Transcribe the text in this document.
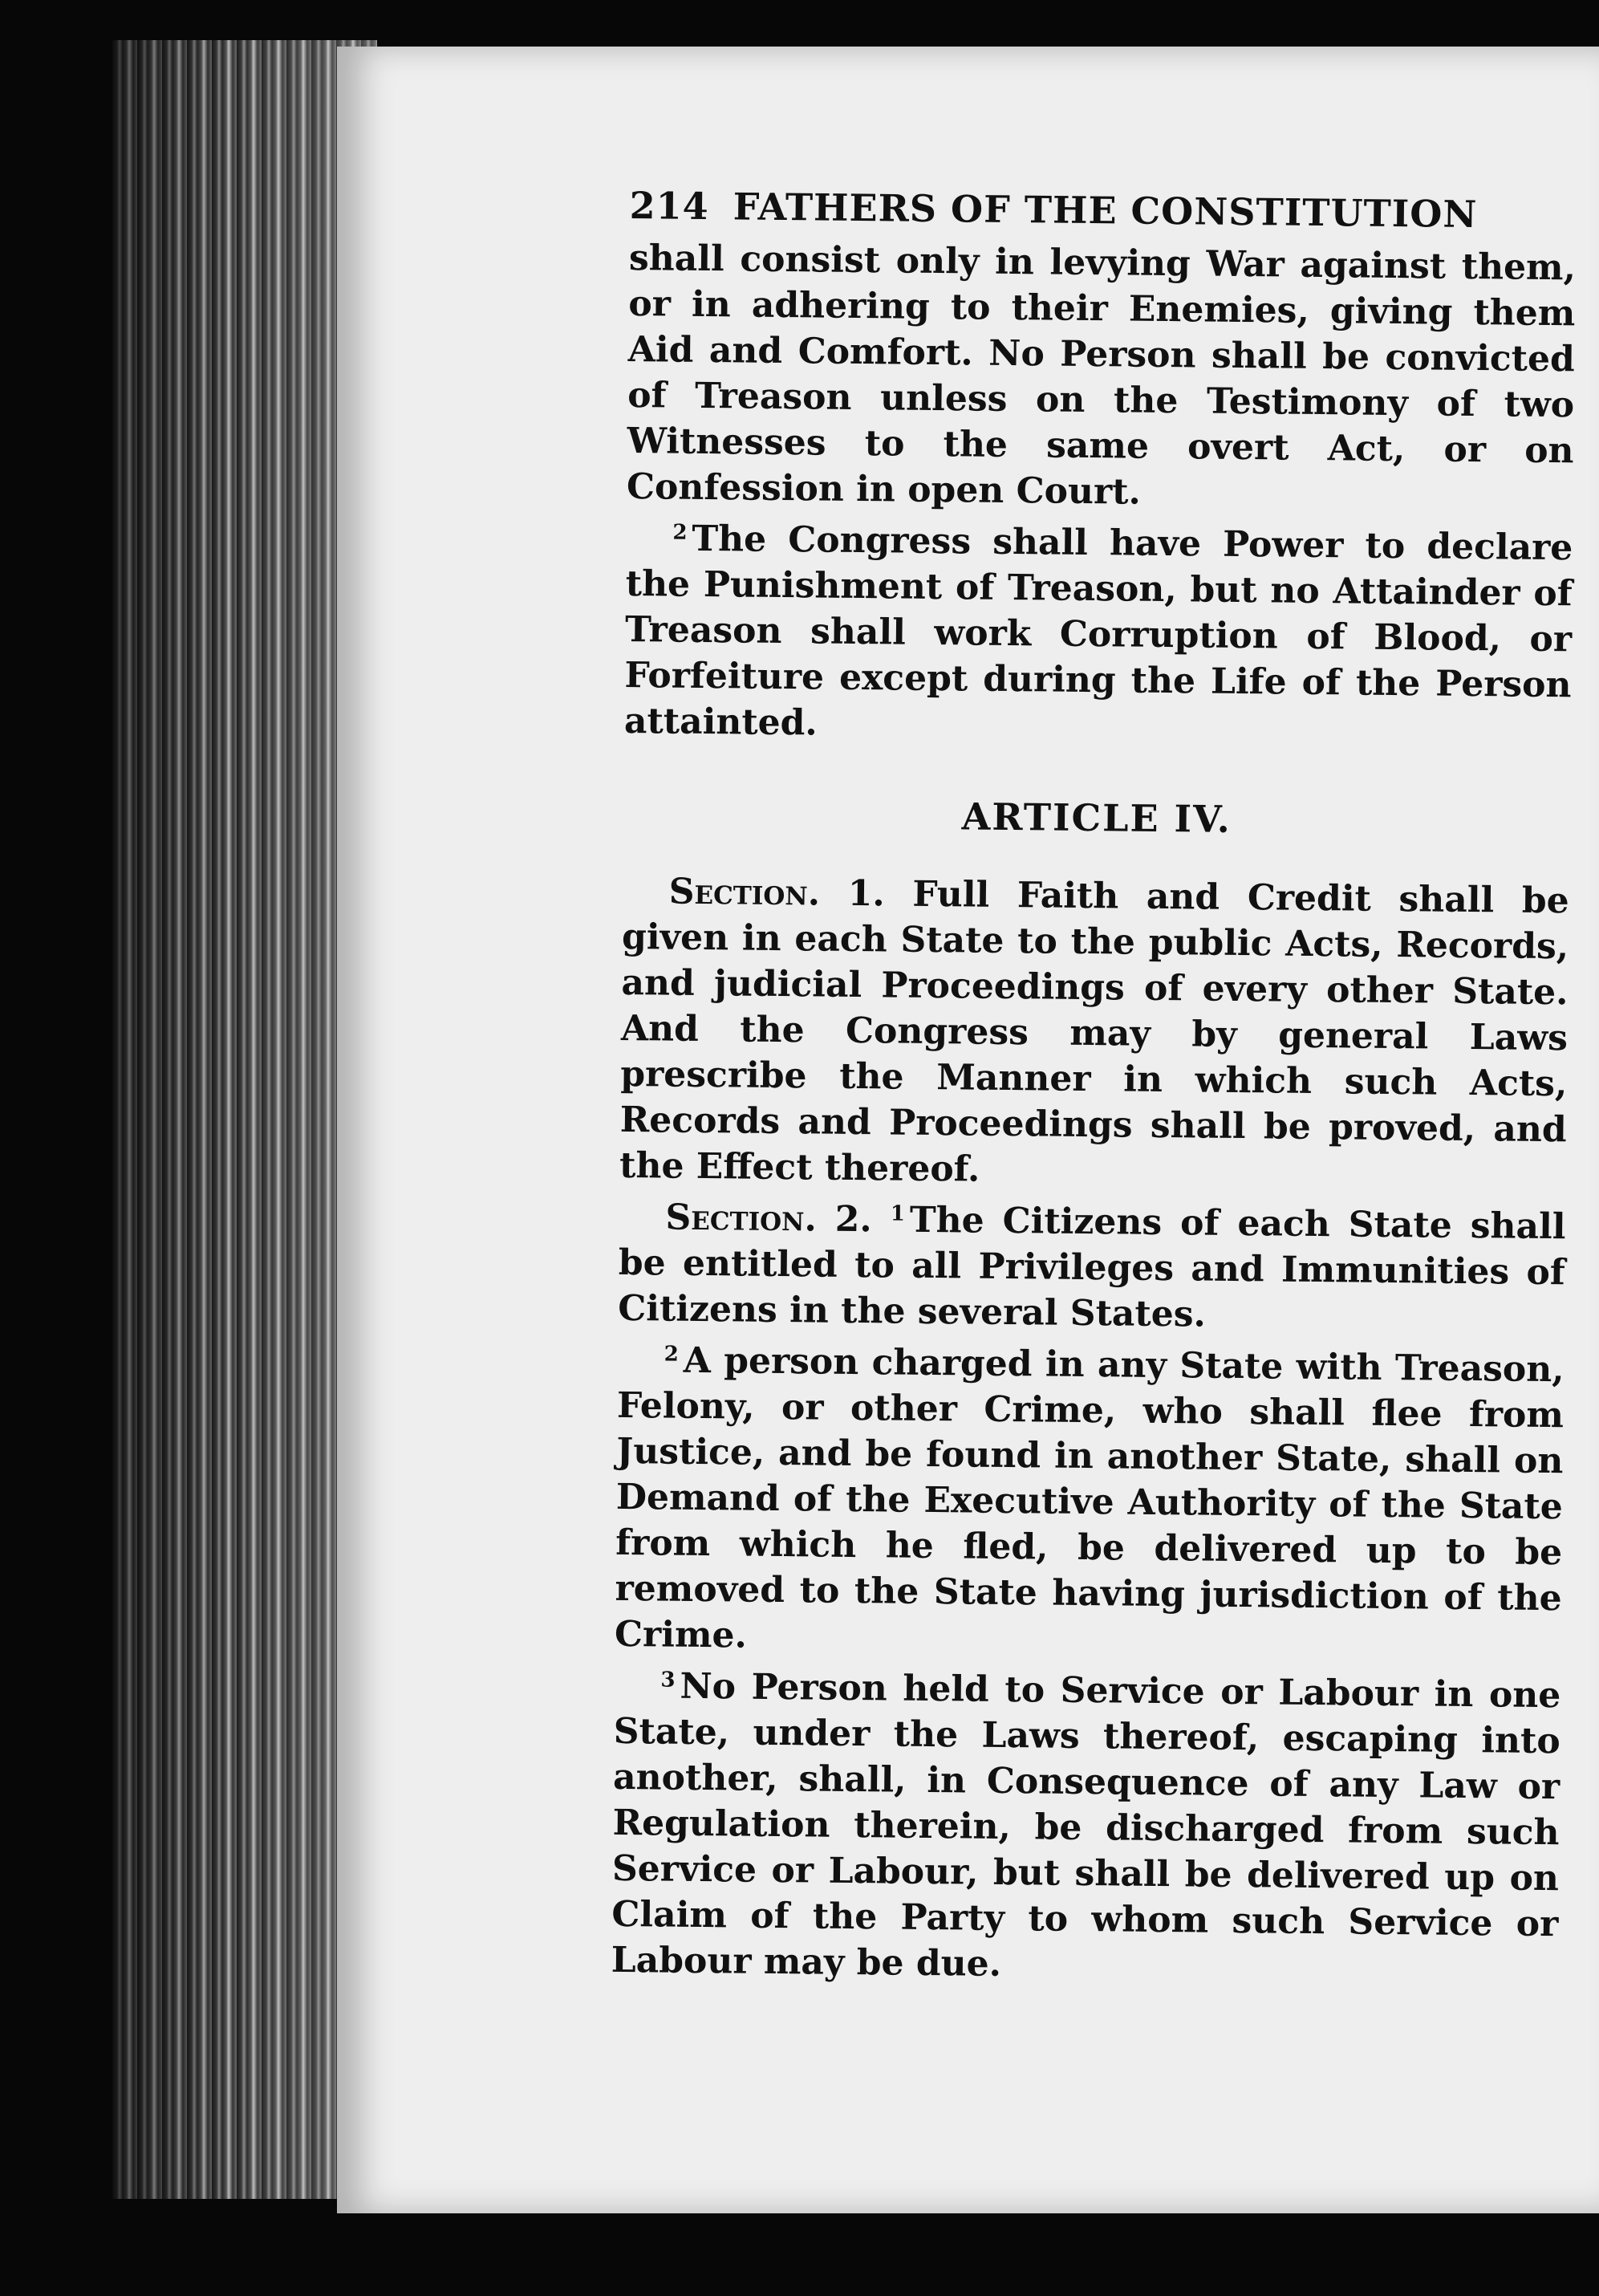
214 FATHERS OF THE CONSTITUTION

shall consist only in levying War against them, or in adhering to their Enemies, giving them Aid and Comfort. No Person shall be convicted of Treason unless on the Testimony of two Witnesses to the same overt Act, or on Confession in open Court.

$^2$ The Congress shall have Power to declare the Punishment of Treason, but no Attainder of Treason shall work Corruption of Blood, or Forfeiture except during the Life of the Person attainted.

ARTICLE IV.

Section. 1. Full Faith and Credit shall be given in each State to the public Acts, Records, and judicial Proceedings of every other State. And the Congress may by general Laws prescribe the Manner in which such Acts, Records and Proceedings shall be proved, and the Effect thereof.

Section. 2. $^1$ The Citizens of each State shall be entitled to all Privileges and Immunities of Citizens in the several States.

$^2$ A person charged in any State with Treason, Felony, or other Crime, who shall flee from Justice, and be found in another State, shall on Demand of the Executive Authority of the State from which he fled, be delivered up to be removed to the State having jurisdiction of the Crime.

$^3$ No Person held to Service or Labour in one State, under the Laws thereof, escaping into another, shall, in Consequence of any Law or Regulation therein, be discharged from such Service or Labour, but shall be delivered up on Claim of the Party to whom such Service or Labour may be due.
